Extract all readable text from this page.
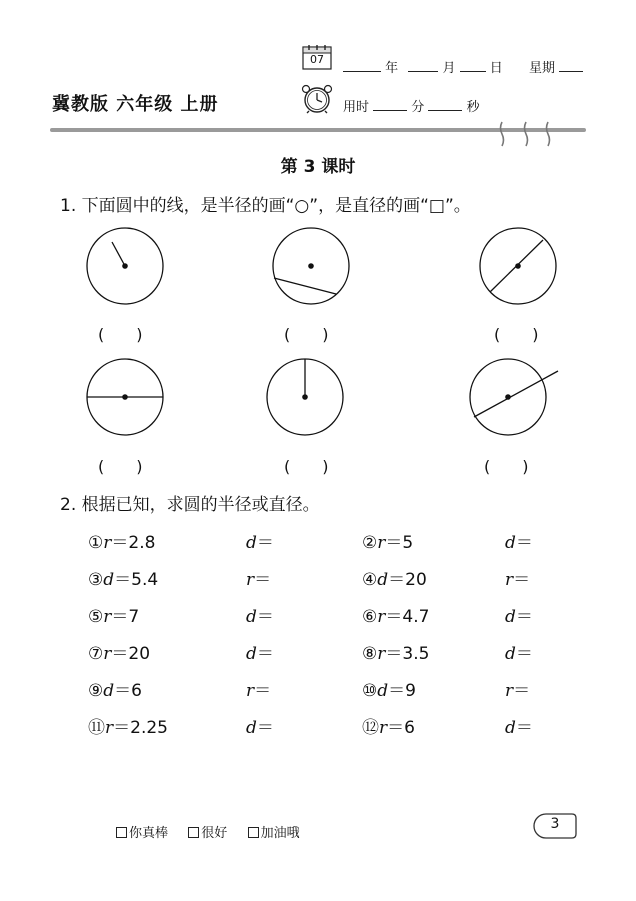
07
年	月	日 星期
冀教版 六年级 上册	用时	分	秒
第 3 课时
1. 下面圆中的线，是半径的画“○”，是直径的画“□”。
(　　)	(　　)	(　　)
(　　)	(　　)	(　　)
2. 根据已知，求圆的半径或直径。
①r＝2.8	d＝	②r＝5	d＝
③d＝5.4	r＝	④d＝20	r＝
⑤r＝7	d＝	⑥r＝4.7	d＝
⑦r＝20	d＝	⑧r＝3.5	d＝
⑨d＝6	r＝	⑩d＝9	r＝
⑪r＝2.25	d＝	⑫r＝6	d＝
你真棒	很好	加油哦
3
